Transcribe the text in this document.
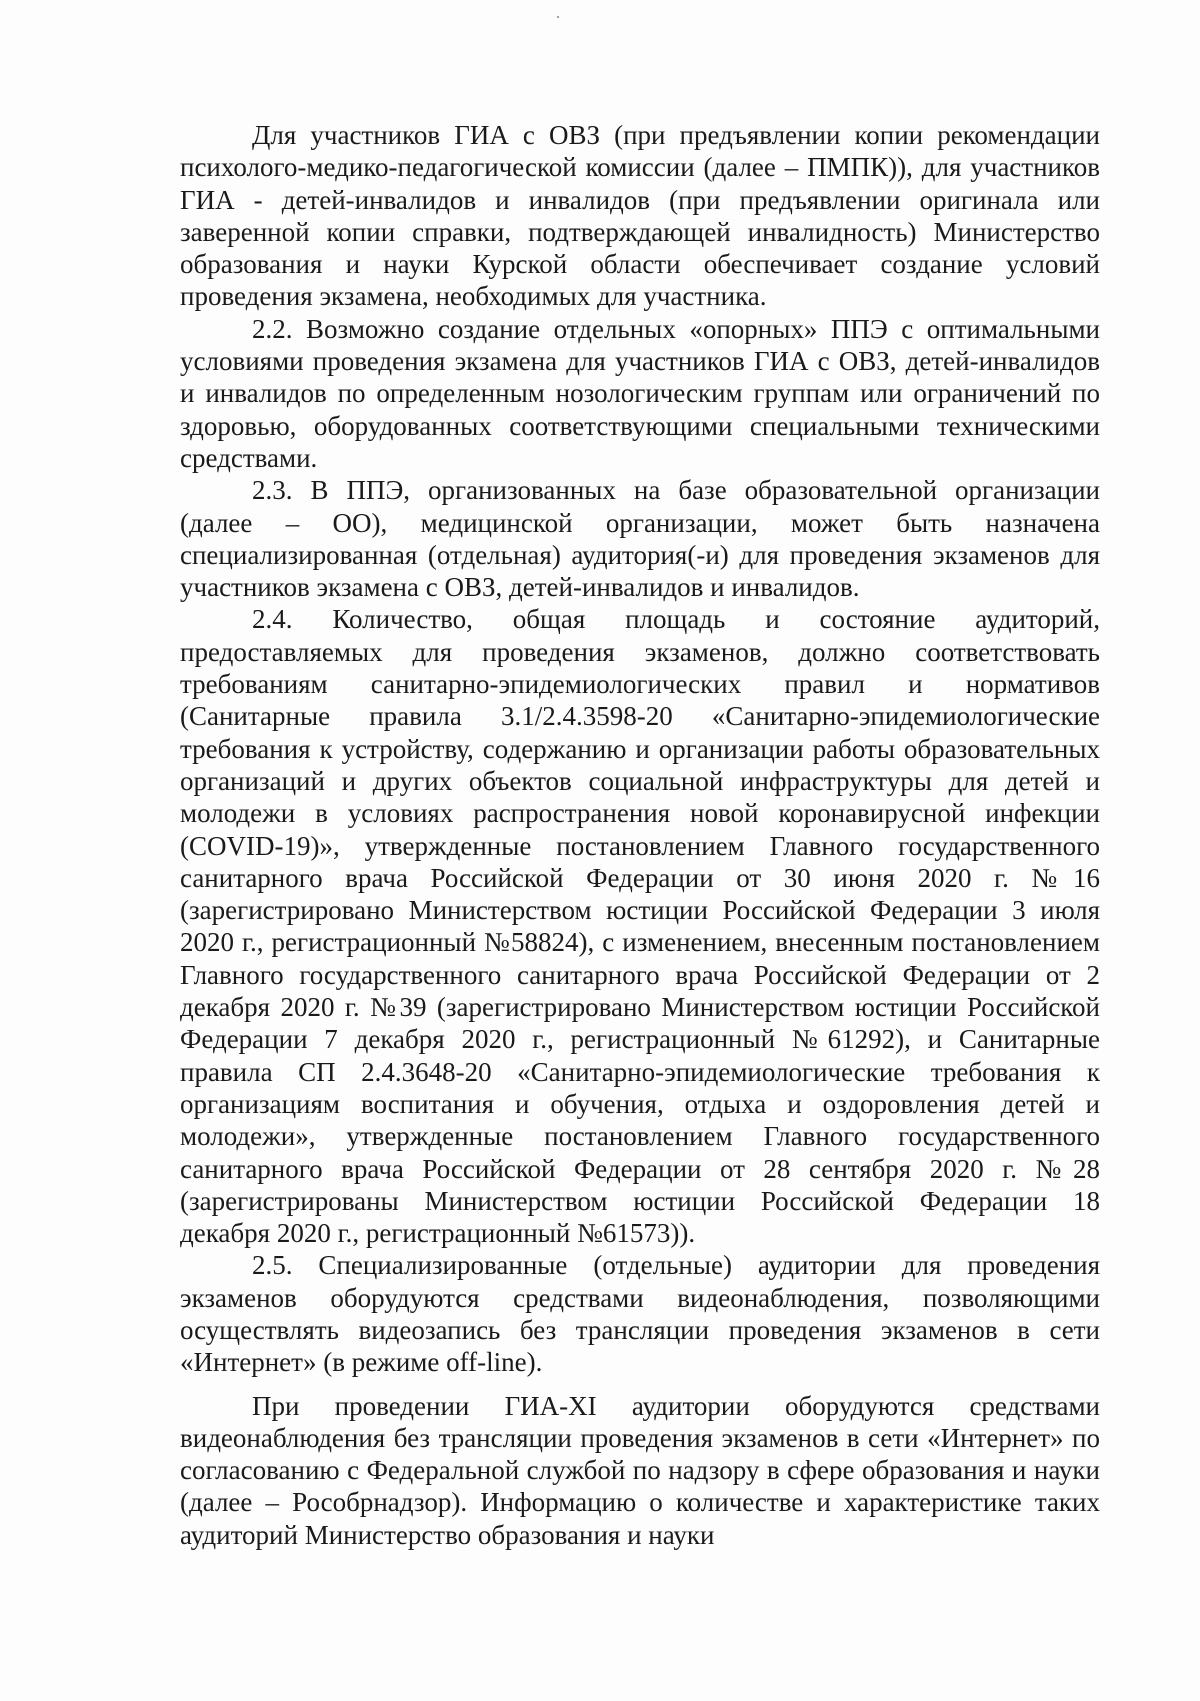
Для участников ГИА с ОВЗ (при предъявлении копии рекомендации психолого-медико-педагогической комиссии (далее – ПМПК)), для участников ГИА - детей-инвалидов и инвалидов (при предъявлении оригинала или заверенной копии справки, подтверждающей инвалидность) Министерство образования и науки Курской области обеспечивает создание условий проведения экзамена, необходимых для участника.

2.2. Возможно создание отдельных «опорных» ППЭ с оптимальными условиями проведения экзамена для участников ГИА с ОВЗ, детей-инвалидов и инвалидов по определенным нозологическим группам или ограничений по здоровью, оборудованных соответствующими специальными техническими средствами.

2.3. В ППЭ, организованных на базе образовательной организации (далее – ОО), медицинской организации, может быть назначена специализированная (отдельная) аудитория(-и) для проведения экзаменов для участников экзамена с ОВЗ, детей-инвалидов и инвалидов.

2.4. Количество, общая площадь и состояние аудиторий, предоставляемых для проведения экзаменов, должно соответствовать требованиям санитарно-эпидемиологических правил и нормативов (Санитарные правила 3.1/2.4.3598-20 «Санитарно-эпидемиологические требования к устройству, содержанию и организации работы образовательных организаций и других объектов социальной инфраструктуры для детей и молодежи в условиях распространения новой коронавирусной инфекции (COVID-19)», утвержденные постановлением Главного государственного санитарного врача Российской Федерации от 30 июня 2020 г. №16 (зарегистрировано Министерством юстиции Российской Федерации 3 июля 2020 г., регистрационный №58824), с изменением, внесенным постановлением Главного государственного санитарного врача Российской Федерации от 2 декабря 2020 г. №39 (зарегистрировано Министерством юстиции Российской Федерации 7 декабря 2020 г., регистрационный №61292), и Санитарные правила СП 2.4.3648-20 «Санитарно-эпидемиологические требования к организациям воспитания и обучения, отдыха и оздоровления детей и молодежи», утвержденные постановлением Главного государственного санитарного врача Российской Федерации от 28 сентября 2020 г. №28 (зарегистрированы Министерством юстиции Российской Федерации 18 декабря 2020 г., регистрационный №61573)).

2.5. Специализированные (отдельные) аудитории для проведения экзаменов оборудуются средствами видеонаблюдения, позволяющими осуществлять видеозапись без трансляции проведения экзаменов в сети «Интернет» (в режиме off-line).

При проведении ГИА-XI аудитории оборудуются средствами видеонаблюдения без трансляции проведения экзаменов в сети «Интернет» по согласованию с Федеральной службой по надзору в сфере образования и науки (далее – Рособрнадзор). Информацию о количестве и характеристике таких аудиторий Министерство образования и науки
